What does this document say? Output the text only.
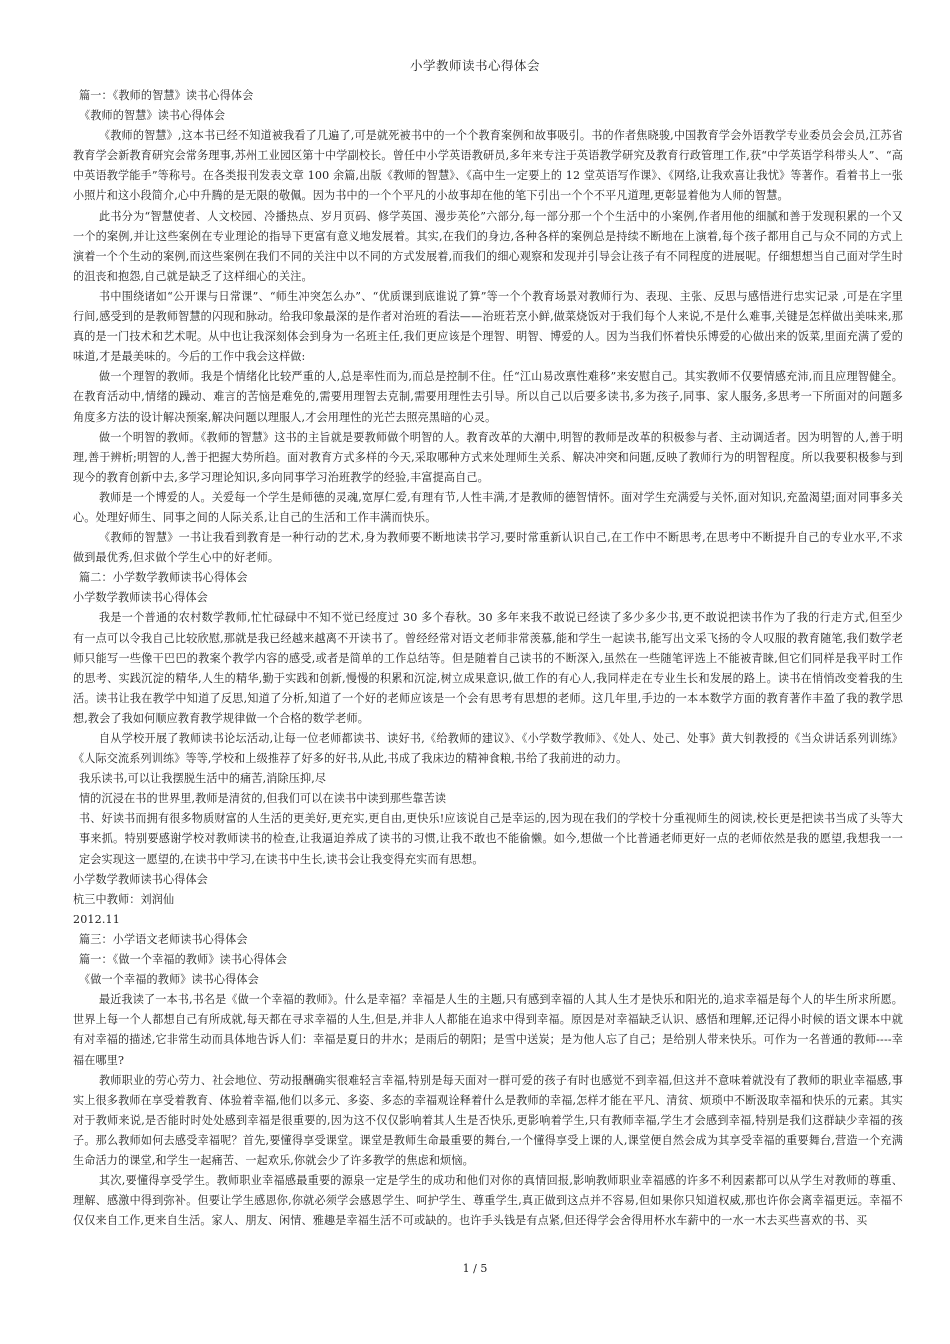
小学教师读书心得体会

篇一：《教师的智慧》读书心得体会

《教师的智慧》读书心得体会

《教师的智慧》,这本书已经不知道被我看了几遍了,可是就死被书中的一个个教育案例和故事吸引。书的作者焦晓骏,中国教育学会外语教学专业委员会会员,江苏省教育学会新教育研究会常务理事,苏州工业园区第十中学副校长。曾任中小学英语教研员,多年来专注于英语教学研究及教育行政管理工作,获“中学英语学科带头人”、“高中英语教学能手”等称号。在各类报刊发表文章 100 余篇,出版《教师的智慧》、《高中生一定要上的 12 堂英语写作课》、《网络,让我欢喜让我忧》等著作。看着书上一张小照片和这小段简介,心中升腾的是无限的敬佩。因为书中的一个个平凡的小故事却在他的笔下引出一个个不平凡道理,更彰显着他为人师的智慧。

此书分为“智慧使者、人文校园、冷播热点、岁月页码、修学英国、漫步英伦”六部分,每一部分那一个个生活中的小案例,作者用他的细腻和善于发现积累的一个又一个的案例,并让这些案例在专业理论的指导下更富有意义地发展着。其实,在我们的身边,各种各样的案例总是持续不断地在上演着,每个孩子都用自己与众不同的方式上演着一个个生动的案例,而这些案例在我们不同的关注中以不同的方式发展着,而我们的细心观察和发现并引导会让孩子有不同程度的进展呢。仔细想想当自己面对学生时的沮丧和抱怨,自己就是缺乏了这样细心的关注。

书中围绕诸如“公开课与日常课”、“师生冲突怎么办”、“优质课到底谁说了算”等一个个教育场景对教师行为、表现、主张、反思与感悟进行忠实记录 ,可是在字里行间,感受到的是教师智慧的闪现和脉动。给我印象最深的是作者对治班的看法——治班若烹小鲜,做菜烧饭对于我们每个人来说,不是什么难事,关键是怎样做出美味来,那真的是一门技术和艺术呢。从中也让我深刻体会到身为一名班主任,我们更应该是个理智、明智、博爱的人。因为当我们怀着快乐博爱的心做出来的饭菜,里面充满了爱的味道,才是最美味的。今后的工作中我会这样做:

做一个理智的教师。我是个情绪化比较严重的人,总是率性而为,而总是控制不住。任“江山易改禀性难移”来安慰自己。其实教师不仅要情感充沛,而且应理智健全。在教育活动中,情绪的躁动、难言的苦恼是难免的,需要用理智去克制,需要用理性去引导。所以自己以后要多读书,多为孩子,同事、家人服务,多思考一下所面对的问题多角度多方法的设计解决预案,解决问题以理服人,才会用理性的光芒去照亮黑暗的心灵。

做一个明智的教师。《教师的智慧》这书的主旨就是要教师做个明智的人。教育改革的大潮中,明智的教师是改革的积极参与者、主动调适者。因为明智的人,善于明理,善于辨析;明智的人,善于把握大势所趋。面对教育方式多样的今天,采取哪种方式来处理师生关系、解决冲突和问题,反映了教师行为的明智程度。所以我要积极参与到现今的教育创新中去,多学习理论知识,多向同事学习治班教学的经验,丰富提高自己。

教师是一个博爱的人。关爱每一个学生是师德的灵魂,宽厚仁爱,有理有节,人性丰满,才是教师的德智情怀。面对学生充满爱与关怀,面对知识,充盈渴望;面对同事多关心。处理好师生、同事之间的人际关系,让自己的生活和工作丰满而快乐。

《教师的智慧》一书让我看到教育是一种行动的艺术,身为教师要不断地读书学习,要时常重新认识自己,在工作中不断思考,在思考中不断提升自己的专业水平,不求做到最优秀,但求做个学生心中的好老师。

篇二：小学数学教师读书心得体会

小学数学教师读书心得体会

我是一个普通的农村数学教师,忙忙碌碌中不知不觉已经度过 30 多个春秋。30 多年来我不敢说已经读了多少多少书,更不敢说把读书作为了我的行走方式,但至少有一点可以令我自己比较欣慰,那就是我已经越来越离不开读书了。曾经经常对语文老师非常羡慕,能和学生一起读书,能写出文采飞扬的令人叹服的教育随笔,我们数学老师只能写一些像干巴巴的教案个教学内容的感受,或者是简单的工作总结等。但是随着自己读书的不断深入,虽然在一些随笔评选上不能被青睐,但它们同样是我平时工作的思考、实践沉淀的精华,人生的精华,勤于实践和创新,慢慢的积累和沉淀,树立成果意识,做工作的有心人,我同样走在专业生长和发展的路上。读书在悄悄改变着我的生活。读书让我在教学中知道了反思,知道了分析,知道了一个好的老师应该是一个会有思考有思想的老师。这几年里,手边的一本本数学方面的教育著作丰盈了我的教学思想,教会了我如何顺应教育教学规律做一个合格的数学老师。

自从学校开展了教师读书论坛活动,让每一位老师都读书、读好书,《给教师的建议》、《小学数学教师》、《处人、处己、处事》黄大钊教授的《当众讲话系列训练》《人际交流系列训练》等等,学校和上级推荐了好多的好书,从此,书成了我床边的精神食粮,书给了我前进的动力。

我乐读书,可以让我摆脱生活中的痛苦,消除压抑,尽

情的沉浸在书的世界里,教师是清贫的,但我们可以在读书中读到那些靠苦读

书、好读书而拥有很多物质财富的人生活的更美好,更充实,更自由,更快乐!应该说自己是幸运的,因为现在我们的学校十分重视师生的阅读,校长更是把读书当成了头等大事来抓。特别要感谢学校对教师读书的检查,让我逼迫养成了读书的习惯,让我不敢也不能偷懒。如今,想做一个比普通老师更好一点的老师依然是我的愿望,我想我一一定会实现这一愿望的,在读书中学习,在读书中生长,读书会让我变得充实而有思想。

小学数学教师读书心得体会

杭三中教师：刘润仙

2012.11

篇三：小学语文老师读书心得体会

篇一：《做一个幸福的教师》读书心得体会

《做一个幸福的教师》读书心得体会

最近我读了一本书,书名是《做一个幸福的教师》。什么是幸福？幸福是人生的主题,只有感到幸福的人其人生才是快乐和阳光的,追求幸福是每个人的毕生所求所愿。世界上每一个人都想自己有所成就,每天都在寻求幸福的人生,但是,并非人人都能在追求中得到幸福。原因是对幸福缺乏认识、感悟和理解,还记得小时候的语文课本中就有对幸福的描述,它非常生动而具体地告诉人们：幸福是夏日的井水；是雨后的朝阳；是雪中送炭；是为他人忘了自己；是给别人带来快乐。可作为一名普通的教师----幸福在哪里?

教师职业的劳心劳力、社会地位、劳动报酬确实很难轻言幸福,特别是每天面对一群可爱的孩子有时也感觉不到幸福,但这并不意味着就没有了教师的职业幸福感,事实上很多教师在享受着教育、体验着幸福,他们以多元、多姿、多态的幸福观诠释着什么是教师的幸福,怎样才能在平凡、清贫、烦琐中不断汲取幸福和快乐的元素。其实对于教师来说,是否能时时处处感到幸福是很重要的,因为这不仅仅影响着其人生是否快乐,更影响着学生,只有教师幸福,学生才会感到幸福,特别是我们这群缺少幸福的孩子。那么教师如何去感受幸福呢？首先,要懂得享受课堂。课堂是教师生命最重要的舞台,一个懂得享受上课的人,课堂便自然会成为其享受幸福的重要舞台,营造一个充满生命活力的课堂,和学生一起痛苦、一起欢乐,你就会少了许多教学的焦虑和烦恼。

其次,要懂得享受学生。教师职业幸福感最重要的源泉一定是学生的成功和他们对你的真情回报,影响教师职业幸福感的许多不利因素都可以从学生对教师的尊重、理解、感激中得到弥补。但要让学生感恩你,你就必须学会感恩学生、呵护学生、尊重学生,真正做到这点并不容易,但如果你只知道权威,那也许你会离幸福更远。幸福不仅仅来自工作,更来自生活。家人、朋友、闲情、雅趣是幸福生活不可或缺的。也许手头钱是有点紧,但还得学会舍得用杯水车薪中的一水一木去买些喜欢的书、买

1 / 5
